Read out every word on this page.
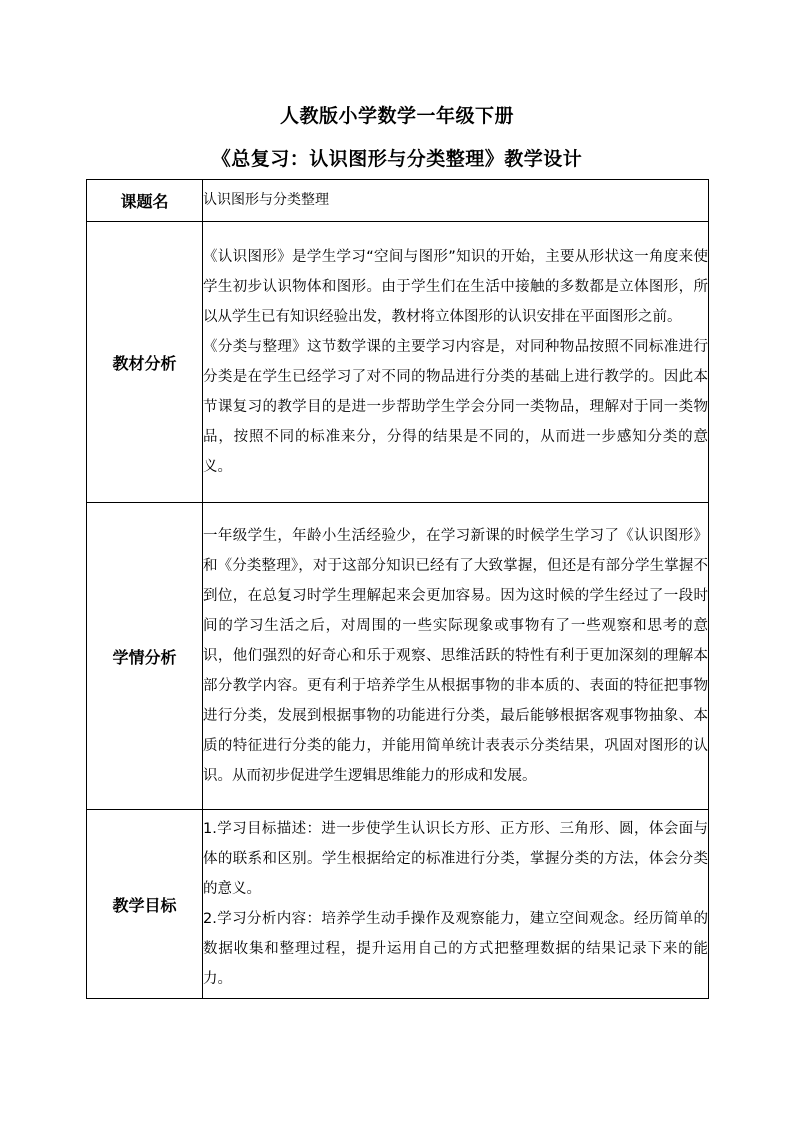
人教版小学数学一年级下册
《总复习：认识图形与分类整理》教学设计
课题名	认识图形与分类整理
教材分析	《认识图形》是学生学习“空间与图形”知识的开始，主要从形状这一角度来使学生初步认识物体和图形。由于学生们在生活中接触的多数都是立体图形，所以从学生已有知识经验出发，教材将立体图形的认识安排在平面图形之前。

《分类与整理》这节数学课的主要学习内容是，对同种物品按照不同标准进行分类是在学生已经学习了对不同的物品进行分类的基础上进行教学的。因此本节课复习的教学目的是进一步帮助学生学会分同一类物品，理解对于同一类物品，按照不同的标准来分，分得的结果是不同的，从而进一步感知分类的意义。

学情分析	一年级学生，年龄小生活经验少，在学习新课的时候学生学习了《认识图形》和《分类整理》，对于这部分知识已经有了大致掌握，但还是有部分学生掌握不到位，在总复习时学生理解起来会更加容易。因为这时候的学生经过了一段时间的学习生活之后，对周围的一些实际现象或事物有了一些观察和思考的意识，他们强烈的好奇心和乐于观察、思维活跃的特性有利于更加深刻的理解本部分教学内容。更有利于培养学生从根据事物的非本质的、表面的特征把事物进行分类，发展到根据事物的功能进行分类，最后能够根据客观事物抽象、本质的特征进行分类的能力，并能用简单统计表表示分类结果，巩固对图形的认识。从而初步促进学生逻辑思维能力的形成和发展。

教学目标	1.学习目标描述：进一步使学生认识长方形、正方形、三角形、圆，体会面与体的联系和区别。学生根据给定的标准进行分类，掌握分类的方法，体会分类的意义。

2.学习分析内容：培养学生动手操作及观察能力，建立空间观念。经历简单的数据收集和整理过程，提升运用自己的方式把整理数据的结果记录下来的能力。
